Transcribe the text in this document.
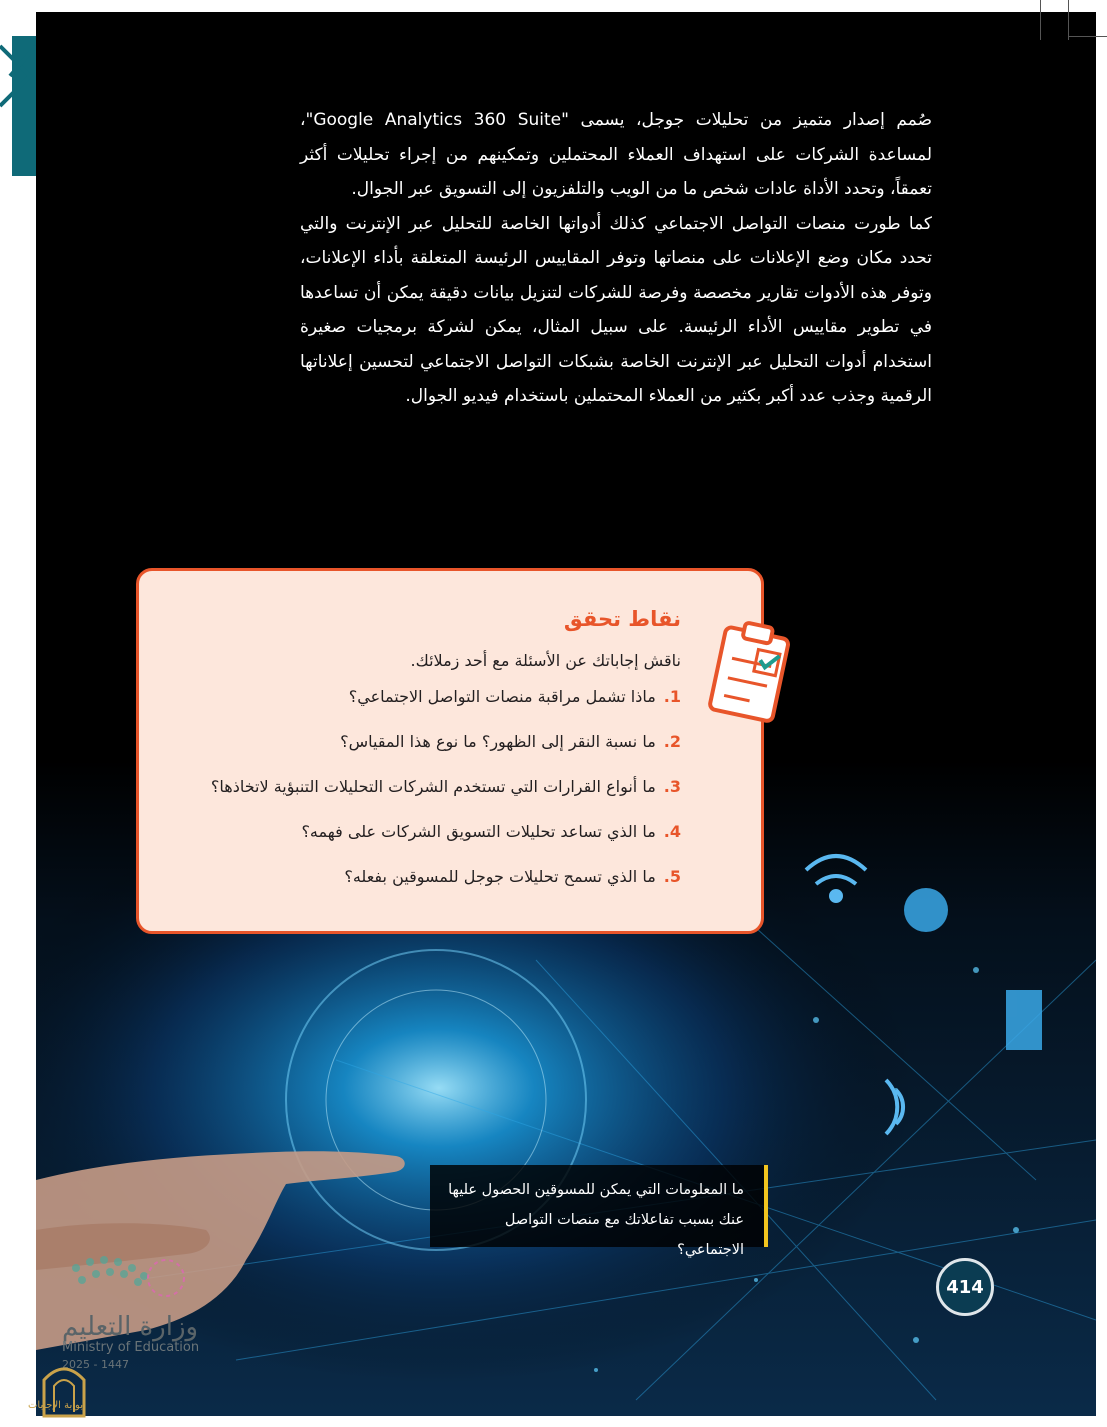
صُمم إصدار متميز من تحليلات جوجل، يسمى "Google Analytics 360 Suite"، لمساعدة الشركات على استهداف العملاء المحتملين وتمكينهم من إجراء تحليلات أكثر تعمقاً، وتحدد الأداة عادات شخص ما من الويب والتلفزيون إلى التسويق عبر الجوال.

كما طورت منصات التواصل الاجتماعي كذلك أدواتها الخاصة للتحليل عبر الإنترنت والتي تحدد مكان وضع الإعلانات على منصاتها وتوفر المقاييس الرئيسة المتعلقة بأداء الإعلانات، وتوفر هذه الأدوات تقارير مخصصة وفرصة للشركات لتنزيل بيانات دقيقة يمكن أن تساعدها في تطوير مقاييس الأداء الرئيسة. على سبيل المثال، يمكن لشركة برمجيات صغيرة استخدام أدوات التحليل عبر الإنترنت الخاصة بشبكات التواصل الاجتماعي لتحسين إعلاناتها الرقمية وجذب عدد أكبر بكثير من العملاء المحتملين باستخدام فيديو الجوال.

نقاط تحقق
ناقش إجاباتك عن الأسئلة مع أحد زملائك.
1.
ماذا تشمل مراقبة منصات التواصل الاجتماعي؟
2.
ما نسبة النقر إلى الظهور؟ ما نوع هذا المقياس؟
3.
ما أنواع القرارات التي تستخدم الشركات التحليلات التنبؤية لاتخاذها؟
4.
ما الذي تساعد تحليلات التسويق الشركات على فهمه؟
5.
ما الذي تسمح تحليلات جوجل للمسوقين بفعله؟
ما المعلومات التي يمكن للمسوقين الحصول عليها عنك بسبب تفاعلاتك مع منصات التواصل الاجتماعي؟
414
وزارة التعليم
Ministry of Education
2025 - 1447
بوابة الإجابات
